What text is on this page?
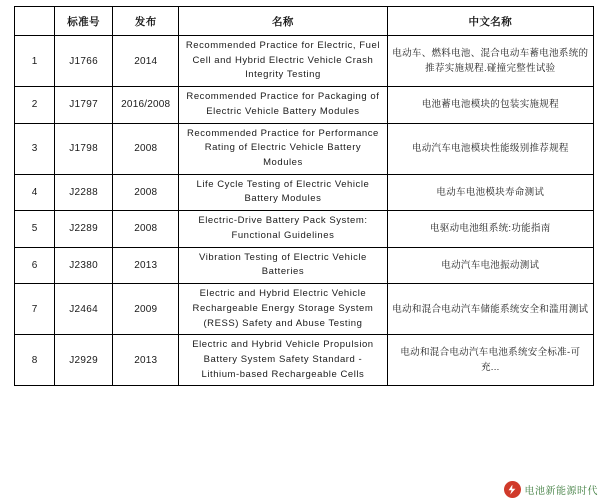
	标准号	发布	名称	中文名称
1	J1766	2014	Recommended Practice for Electric, Fuel Cell and Hybrid Electric Vehicle Crash Integrity Testing	电动车、燃料电池、混合电动车蓄电池系统的推荐实施规程.碰撞完整性试验
2	J1797	2016/2008	Recommended Practice for Packaging of Electric Vehicle Battery Modules	电池蓄电池模块的包装实施规程
3	J1798	2008	Recommended Practice for Performance Rating of Electric Vehicle Battery Modules	电动汽车电池模块性能级别推荐规程
4	J2288	2008	Life Cycle Testing of Electric Vehicle Battery Modules	电动车电池模块寿命测试
5	J2289	2008	Electric-Drive Battery Pack System: Functional Guidelines	电驱动电池组系统:功能指南
6	J2380	2013	Vibration Testing of Electric Vehicle Batteries	电动汽车电池振动测试
7	J2464	2009	Electric and Hybrid Electric Vehicle Rechargeable Energy Storage System (RESS) Safety and Abuse Testing	电动和混合电动汽车储能系统安全和滥用测试
8	J2929	2013	Electric and Hybrid Vehicle Propulsion Battery System Safety Standard - Lithium-based Rechargeable Cells	电动和混合电动汽车电池系统安全标准-可充...
电池新能源时代
